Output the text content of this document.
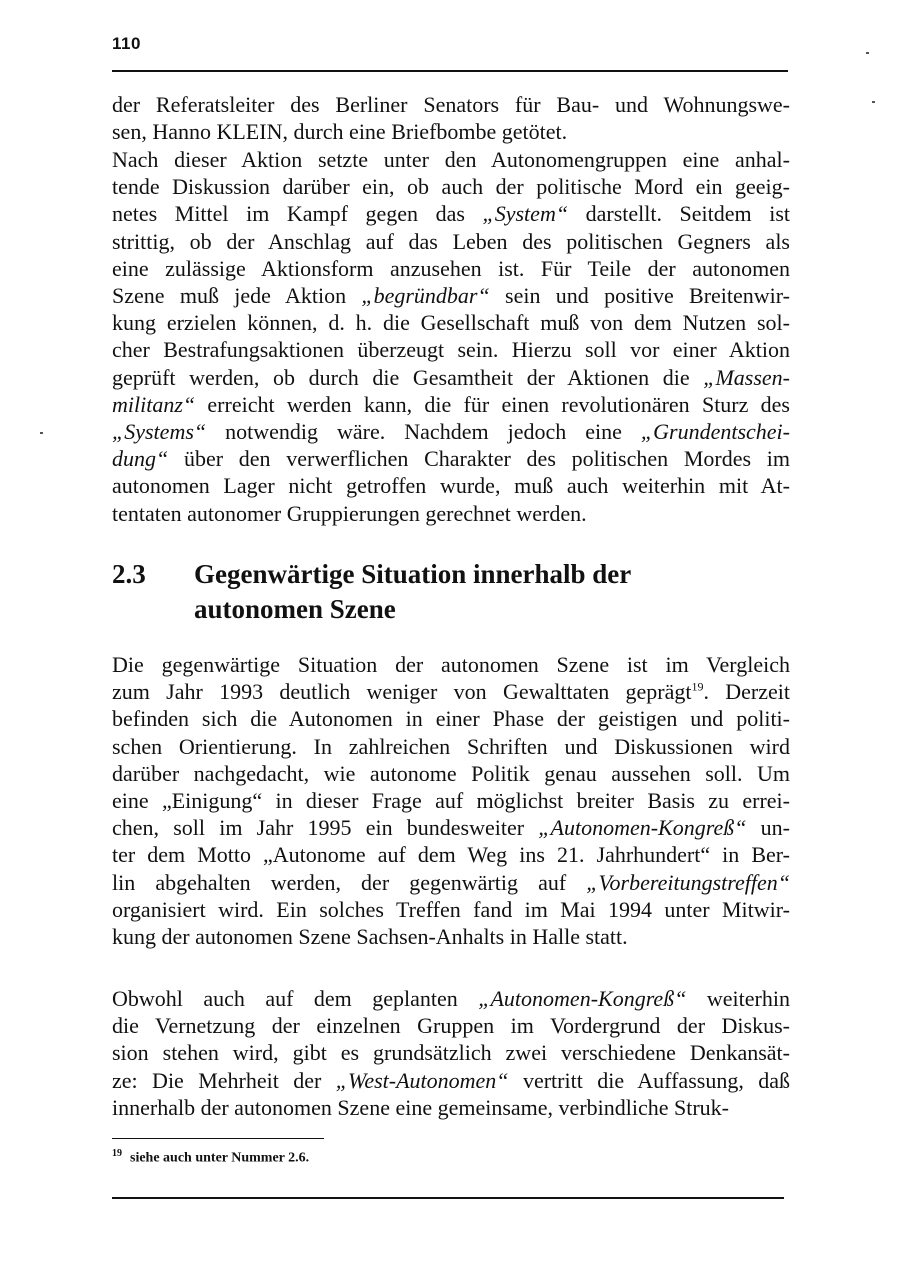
110
der Referatsleiter des Berliner Senators für Bau- und Wohnungswe-
sen, Hanno KLEIN, durch eine Briefbombe getötet.
Nach dieser Aktion setzte unter den Autonomengruppen eine anhal-
tende Diskussion darüber ein, ob auch der politische Mord ein geeig-
netes Mittel im Kampf gegen das „System“ darstellt. Seitdem ist
strittig, ob der Anschlag auf das Leben des politischen Gegners als
eine zulässige Aktionsform anzusehen ist. Für Teile der autonomen
Szene muß jede Aktion „begründbar“ sein und positive Breitenwir-
kung erzielen können, d. h. die Gesellschaft muß von dem Nutzen sol-
cher Bestrafungsaktionen überzeugt sein. Hierzu soll vor einer Aktion
geprüft werden, ob durch die Gesamtheit der Aktionen die „Massen-
militanz“ erreicht werden kann, die für einen revolutionären Sturz des
„Systems“ notwendig wäre. Nachdem jedoch eine „Grundentschei-
dung“ über den verwerflichen Charakter des politischen Mordes im
autonomen Lager nicht getroffen wurde, muß auch weiterhin mit At-
tentaten autonomer Gruppierungen gerechnet werden.
2.3 Gegenwärtige Situation innerhalb der
autonomen Szene
Die gegenwärtige Situation der autonomen Szene ist im Vergleich
zum Jahr 1993 deutlich weniger von Gewalttaten geprägt$^{19}$. Derzeit
befinden sich die Autonomen in einer Phase der geistigen und politi-
schen Orientierung. In zahlreichen Schriften und Diskussionen wird
darüber nachgedacht, wie autonome Politik genau aussehen soll. Um
eine „Einigung“ in dieser Frage auf möglichst breiter Basis zu errei-
chen, soll im Jahr 1995 ein bundesweiter „Autonomen-Kongreß“ un-
ter dem Motto „Autonome auf dem Weg ins 21. Jahrhundert“ in Ber-
lin abgehalten werden, der gegenwärtig auf „Vorbereitungstreffen“
organisiert wird. Ein solches Treffen fand im Mai 1994 unter Mitwir-
kung der autonomen Szene Sachsen-Anhalts in Halle statt.
Obwohl auch auf dem geplanten „Autonomen-Kongreß“ weiterhin
die Vernetzung der einzelnen Gruppen im Vordergrund der Diskus-
sion stehen wird, gibt es grundsätzlich zwei verschiedene Denkansät-
ze: Die Mehrheit der „West-Autonomen“ vertritt die Auffassung, daß
innerhalb der autonomen Szene eine gemeinsame, verbindliche Struk-
$^{19}$ siehe auch unter Nummer 2.6.
